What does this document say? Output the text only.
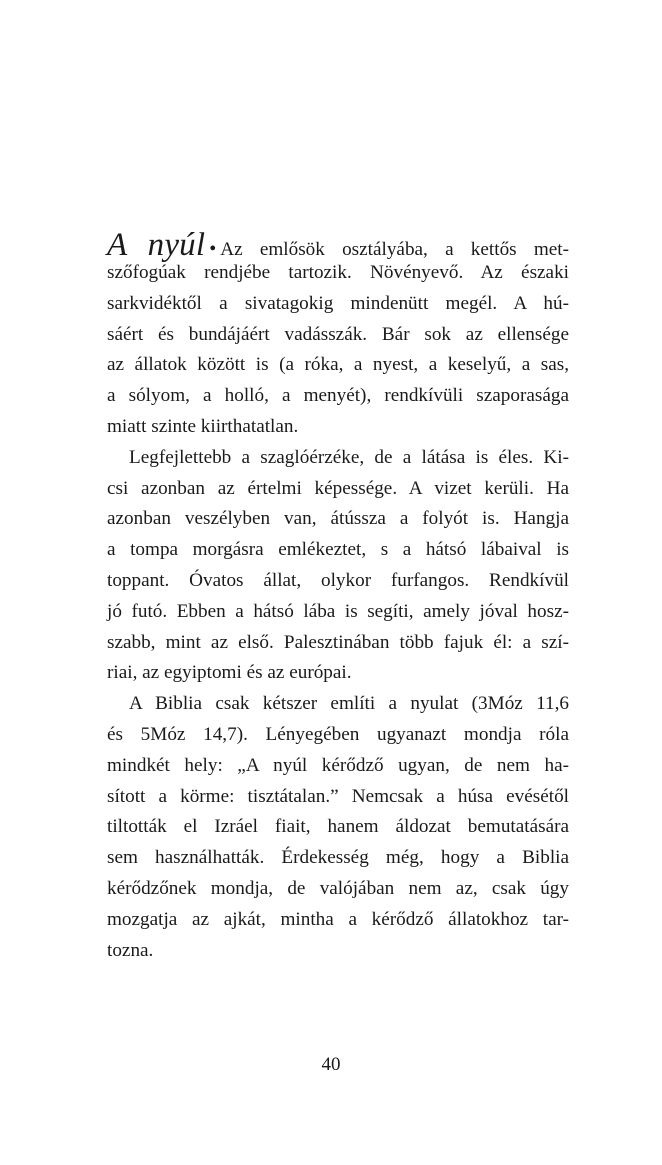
A nyúl • Az emlősök osztályába, a kettős met-
szőfogúak rendjébe tartozik. Növényevő. Az északi
sarkvidéktől a sivatagokig mindenütt megél. A hú-
sáért és bundájáért vadásszák. Bár sok az ellensége
az állatok között is (a róka, a nyest, a keselyű, a sas,
a sólyom, a holló, a menyét), rendkívüli szaporasága
miatt szinte kiirthatatlan.
Legfejlettebb a szaglóérzéke, de a látása is éles. Ki-
csi azonban az értelmi képessége. A vizet kerüli. Ha
azonban veszélyben van, átússza a folyót is. Hangja
a tompa morgásra emlékeztet, s a hátsó lábaival is
toppant. Óvatos állat, olykor furfangos. Rendkívül
jó futó. Ebben a hátsó lába is segíti, amely jóval hosz-
szabb, mint az első. Palesztinában több fajuk él: a szí-
riai, az egyiptomi és az európai.
A Biblia csak kétszer említi a nyulat (3Móz 11,6
és 5Móz 14,7). Lényegében ugyanazt mondja róla
mindkét hely: „A nyúl kérődző ugyan, de nem ha-
sított a körme: tisztátalan.” Nemcsak a húsa evésétől
tiltották el Izráel fiait, hanem áldozat bemutatására
sem használhatták. Érdekesség még, hogy a Biblia
kérődzőnek mondja, de valójában nem az, csak úgy
mozgatja az ajkát, mintha a kérődző állatokhoz tar-
tozna.
40
